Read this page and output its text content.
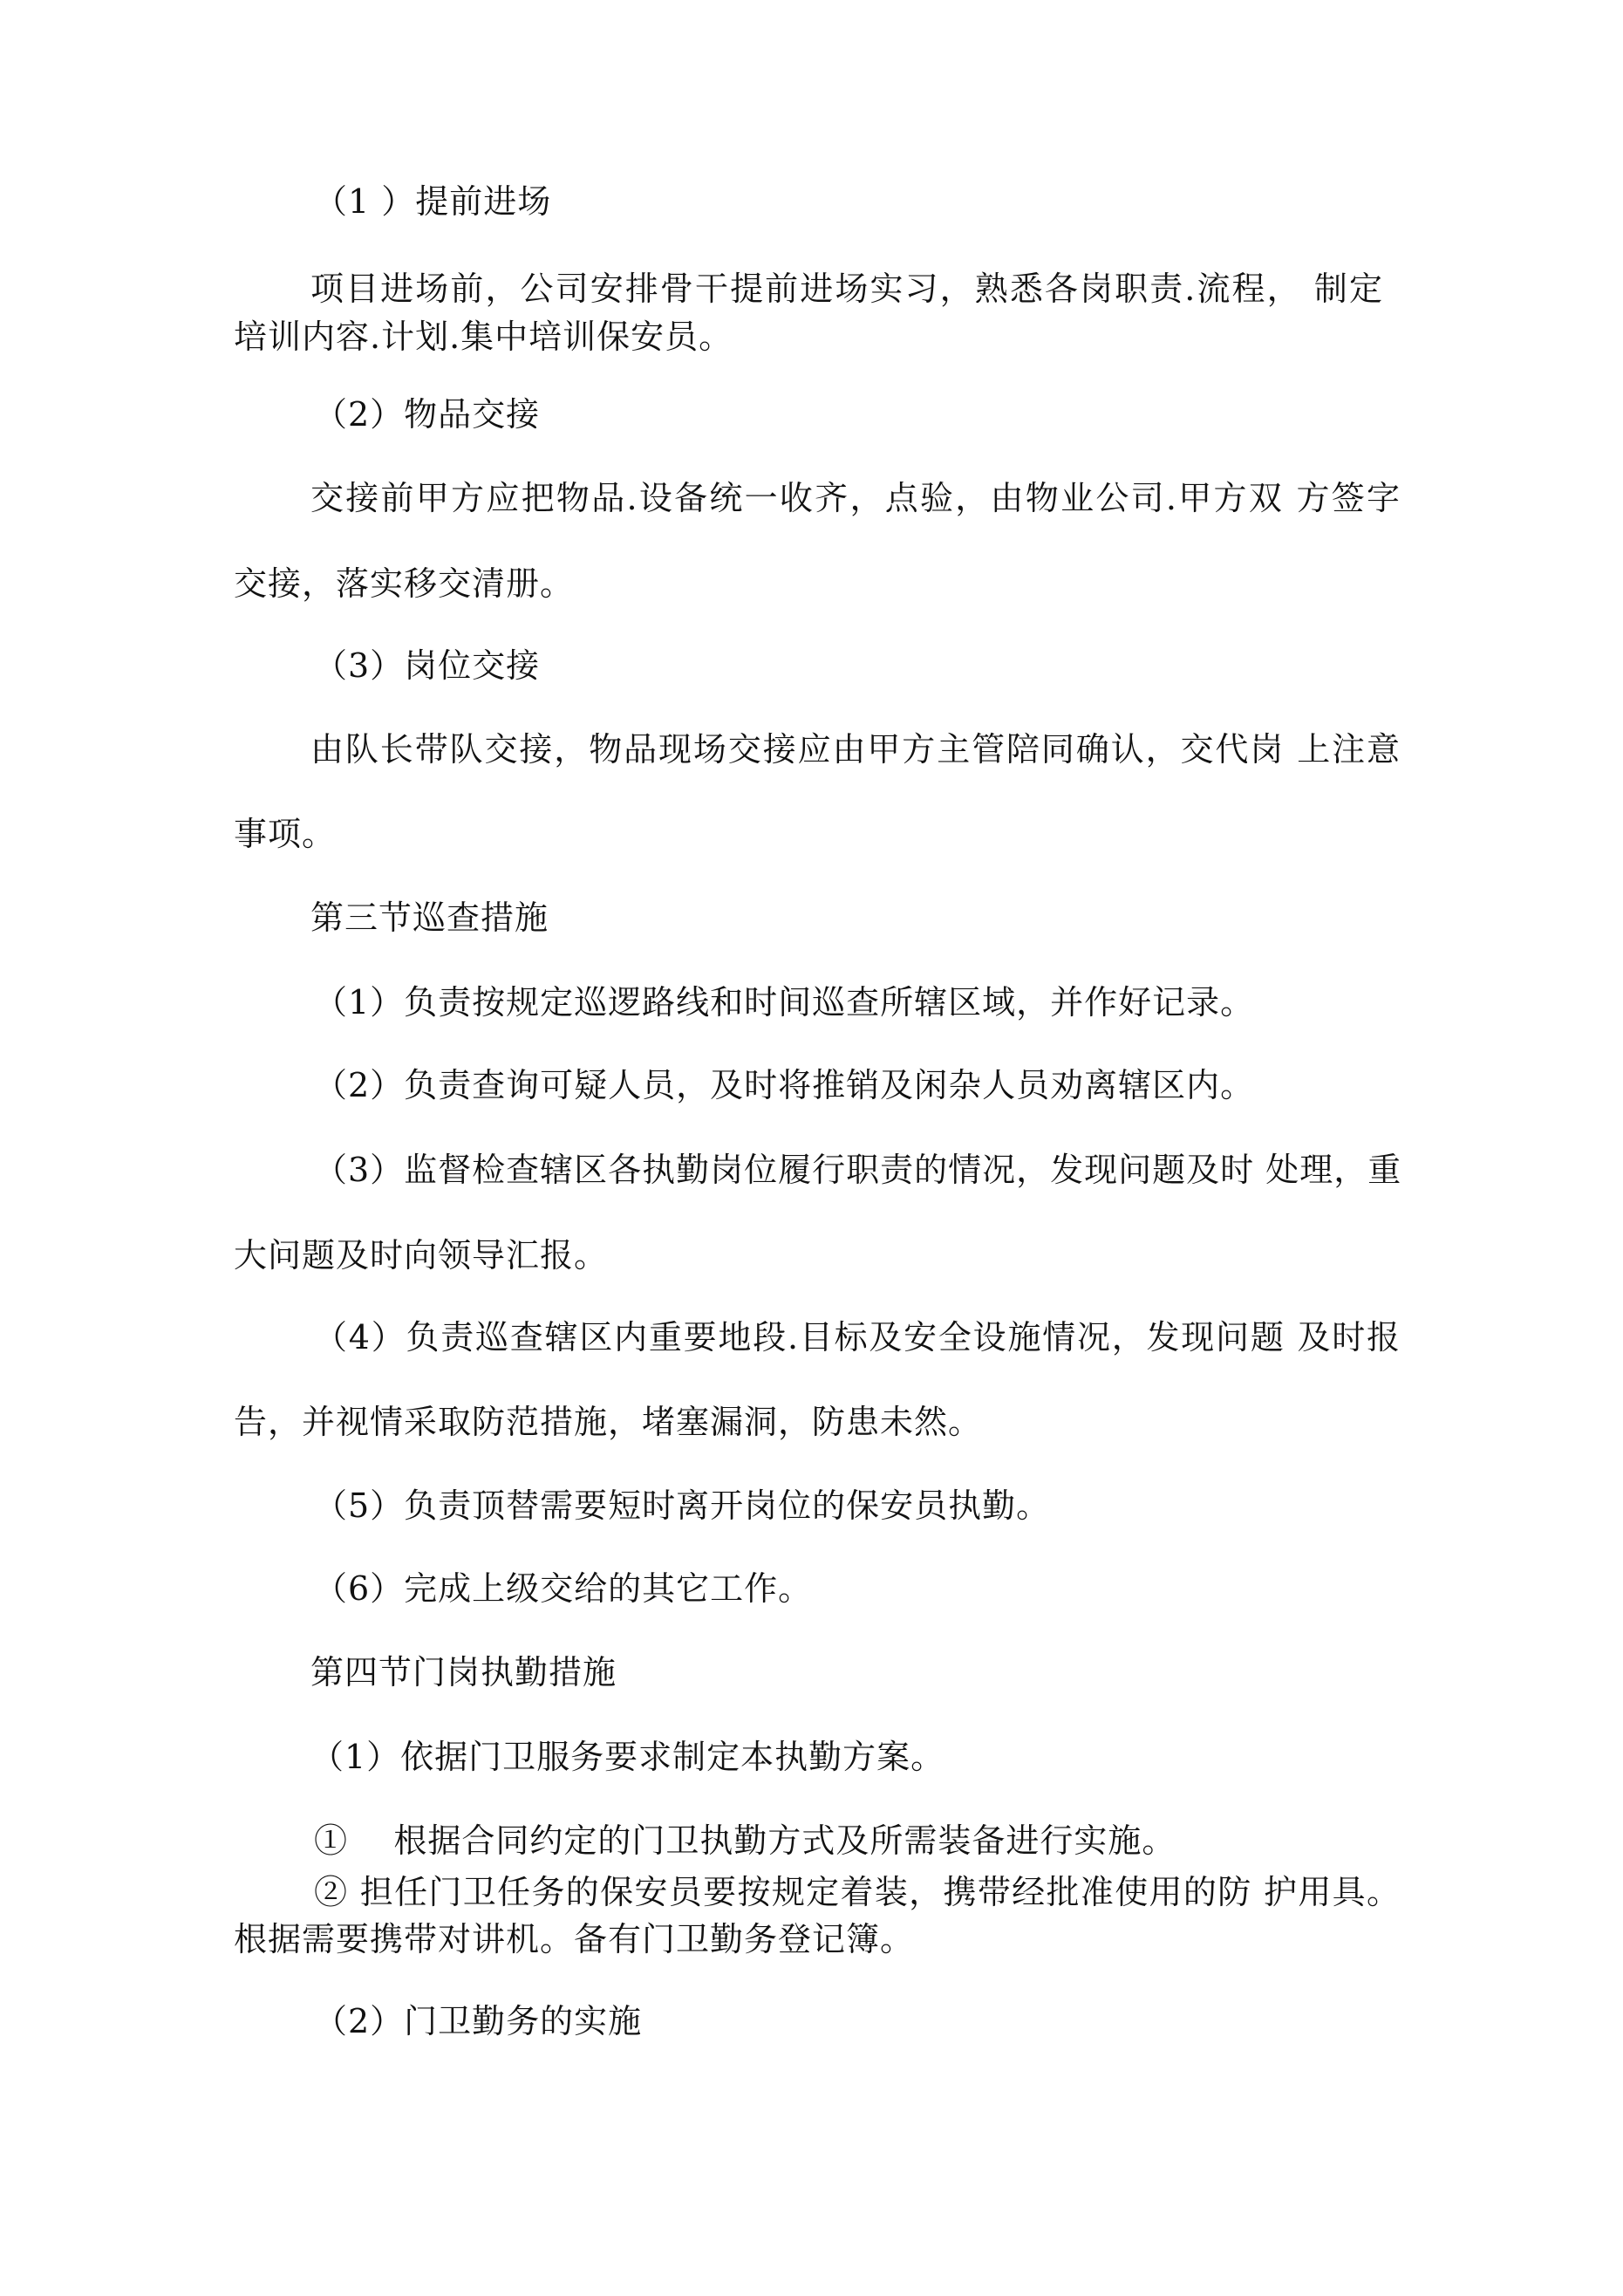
（1 ）提前进场
项目进场前，公司安排骨干提前进场实习，熟悉各岗职责.流程， 制定
培训内容.计划.集中培训保安员。
（2）物品交接
交接前甲方应把物品.设备统一收齐，点验，由物业公司.甲方双 方签字
交接，落实移交清册。
（3）岗位交接
由队长带队交接，物品现场交接应由甲方主管陪同确认，交代岗 上注意
事项。
第三节巡查措施
（1）负责按规定巡逻路线和时间巡查所辖区域，并作好记录。
（2）负责查询可疑人员，及时将推销及闲杂人员劝离辖区内。
（3）监督检查辖区各执勤岗位履行职责的情况，发现问题及时 处理，重
大问题及时向领导汇报。
（4）负责巡查辖区内重要地段.目标及安全设施情况，发现问题 及时报
告，并视情采取防范措施，堵塞漏洞，防患未然。
（5）负责顶替需要短时离开岗位的保安员执勤。
（6）完成上级交给的其它工作。
第四节门岗执勤措施
（1）依据门卫服务要求制定本执勤方案。
①    根据合同约定的门卫执勤方式及所需装备进行实施。
② 担任门卫任务的保安员要按规定着装，携带经批准使用的防 护用具。
根据需要携带对讲机。备有门卫勤务登记簿。
（2）门卫勤务的实施
